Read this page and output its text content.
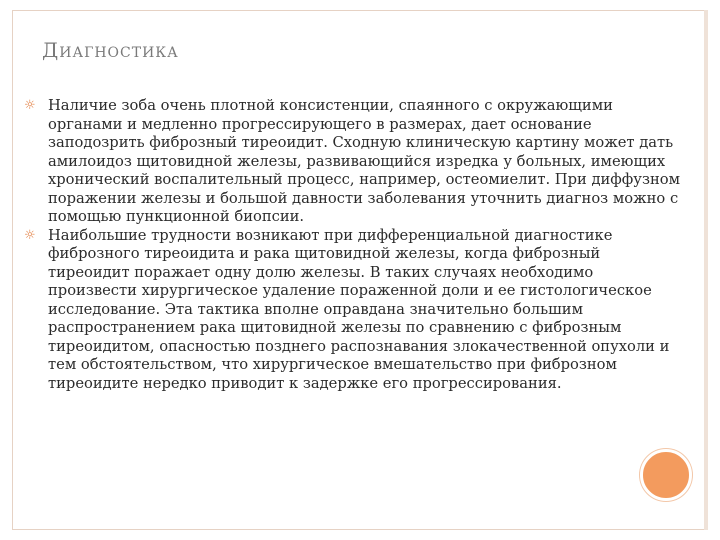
Диагностика
☼ Наличие зоба очень плотной консистенции, спаянного с окружающими органами и медленно прогрессирующего в размерах, дает основание заподозрить фиброзный тиреоидит. Сходную клиническую картину может дать амилоидоз щитовидной железы, развивающийся изредка у больных, имеющих хронический воспалительный процесс, например, остеомиелит. При диффузном поражении железы и большой давности заболевания уточнить диагноз можно с помощью пункционной биопсии.
☼ Наибольшие трудности возникают при дифференциальной диагностике фиброзного тиреоидита и рака щитовидной железы, когда фиброзный тиреоидит поражает одну долю железы. В таких случаях необходимо произвести хирургическое удаление пораженной доли и ее гистологическое исследование. Эта тактика вполне оправдана значительно большим распространением рака щитовидной железы по сравнению с фиброзным тиреоидитом, опасностью позднего распознавания злокачественной опухоли и тем обстоятельством, что хирургическое вмешательство при фиброзном тиреоидите нередко приводит к задержке его прогрессирования.
